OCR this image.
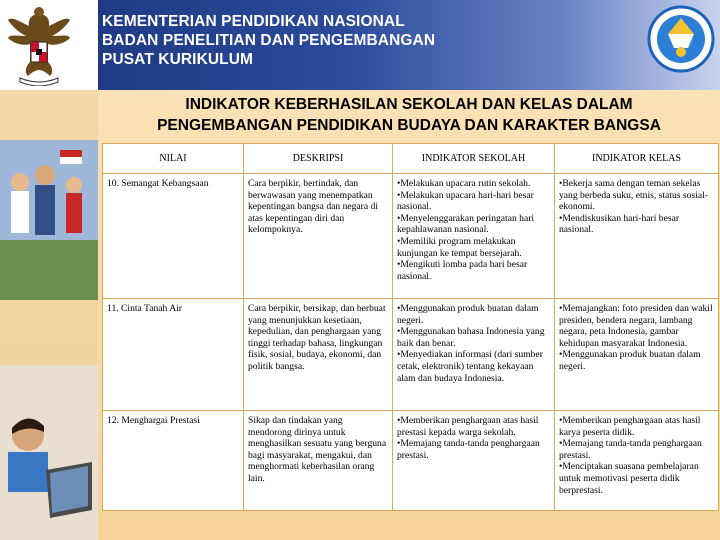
KEMENTERIAN PENDIDIKAN NASIONAL
BADAN PENELITIAN DAN PENGEMBANGAN
PUSAT KURIKULUM
INDIKATOR KEBERHASILAN SEKOLAH DAN KELAS DALAM
PENGEMBANGAN PENDIDIKAN BUDAYA DAN KARAKTER BANGSA
NILAI	DESKRIPSI	INDIKATOR SEKOLAH	INDIKATOR KELAS
10. Semangat Kebangsaan	Cara berpikir, bertindak, dan berwawasan yang menempatkan kepentingan bangsa dan negara di atas kepentingan diri dan kelompoknya.	•Melakukan upacara rutin sekolah.
•Melakukan upacara hari-hari besar nasional.
•Menyelenggarakan peringatan hari kepahlawanan nasional.
•Memiliki program melakukan kunjungan ke tempat bersejarah.
•Mengikuti lomba pada hari besar nasional.	•Bekerja sama dengan teman sekelas yang berbeda suku, etnis, status sosial-ekonomi.
•Mendiskusikan hari-hari besar nasional.

11. Cinta Tanah Air	Cara berpikir, bersikap, dan berbuat yang menunjukkan kesetiaan, kepedulian, dan penghargaan yang tinggi terhadap bahasa, lingkungan fisik, sosial, budaya, ekonomi, dan politik bangsa.	•Menggunakan produk buatan dalam negeri.
•Menggunakan bahasa Indonesia yang baik dan benar.
•Menyediakan informasi (dari sumber cetak, elektronik) tentang kekayaan alam dan budaya Indonesia.	•Memajangkan: foto presiden dan wakil presiden, bendera negara, lambang negara, peta Indonesia, gambar kehidupan masyarakat Indonesia.
•Menggunakan produk buatan dalam negeri.

12. Menghargai Prestasi	Sikap dan tindakan yang mendorong dirinya untuk menghasilkan sesuatu yang berguna bagi masyarakat, mengakui, dan menghormati keberhasilan orang lain.	•Memberikan penghargaan atas hasil prestasi kepada warga sekolah.
•Memajang tanda-tanda penghargaan prestasi.	•Memberikan penghargaan atas hasil karya peserta didik.
•Memajang tanda-tanda penghargaan prestasi.
•Menciptakan suasana pembelajaran untuk memotivasi peserta didik berprestasi.
